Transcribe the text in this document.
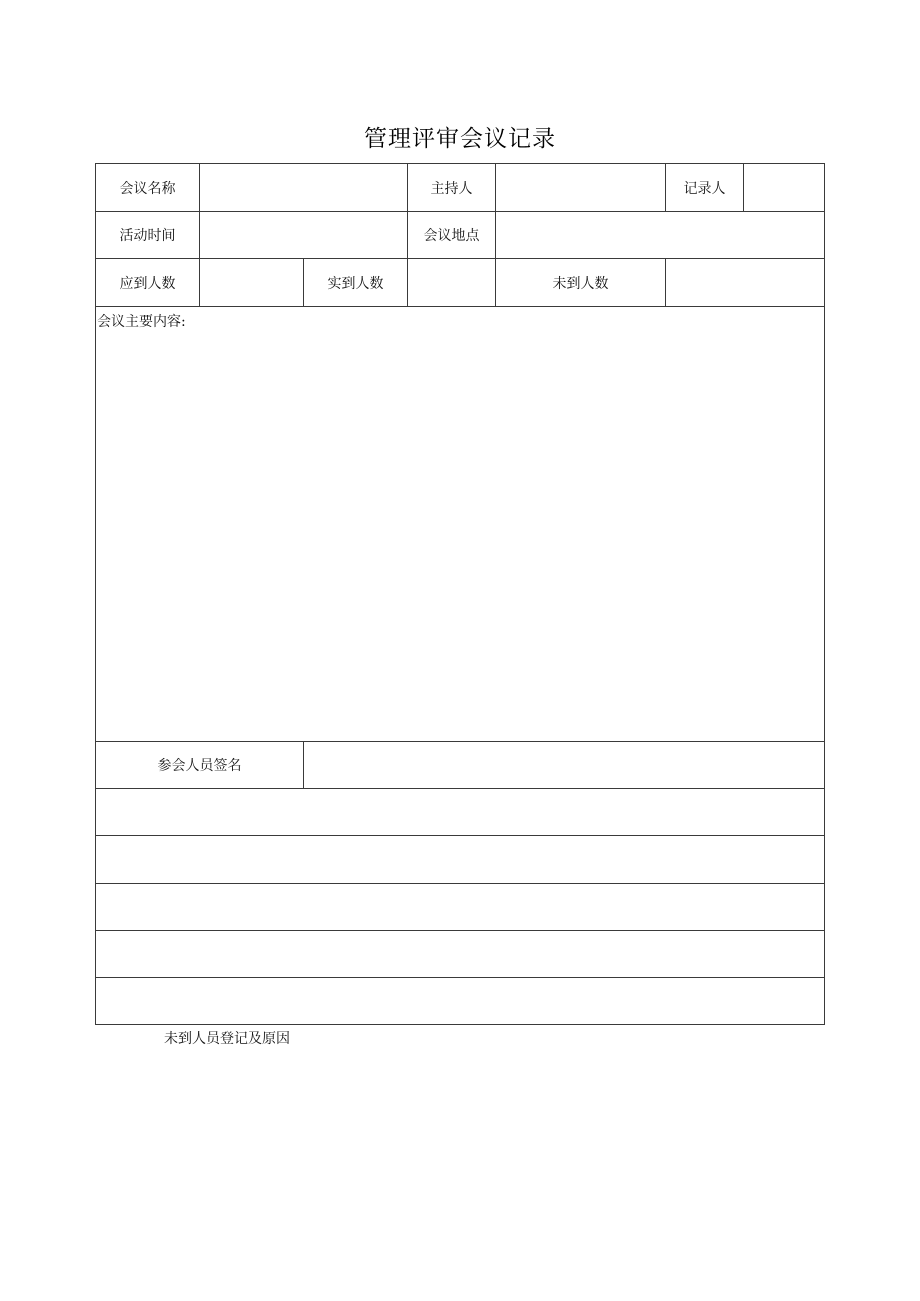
管理评审会议记录
会议名称	主持人	记录人
活动时间	会议地点
应到人数	实到人数	未到人数
会议主要内容:
参会人员签名
未到人员登记及原因
